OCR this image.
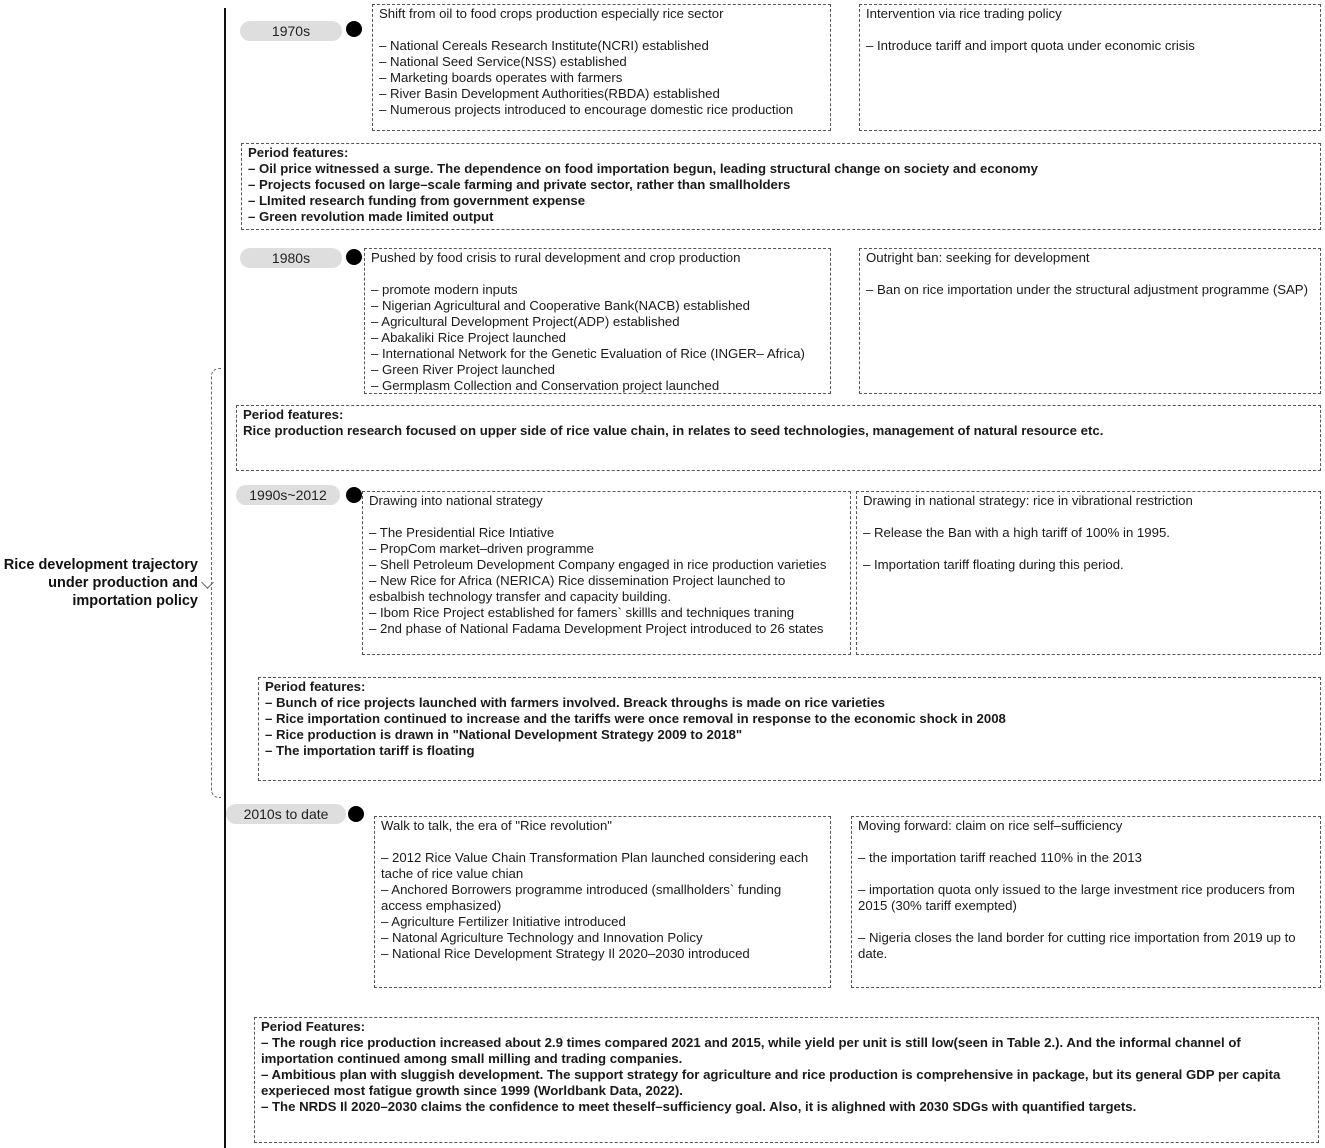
Rice development trajectory
under production and
importation policy
1970s
Shift from oil to food crops production especially rice sector

– National Cereals Research Institute(NCRI) established
– National Seed Service(NSS) established
– Marketing boards operates with farmers
– River Basin Development Authorities(RBDA) established
– Numerous projects introduced to encourage domestic rice production
Intervention via rice trading policy

– Introduce tariff and import quota under economic crisis
Period features:
– Oil price witnessed a surge. The dependence on food importation begun, leading structural change on society and economy
– Projects focused on large–scale farming and private sector, rather than smallholders
– LImited research funding from government expense
– Green revolution made limited output
1980s	Pushed by food crisis to rural development and crop production

– promote modern inputs
– Nigerian Agricultural and Cooperative Bank(NACB) established
– Agricultural Development Project(ADP) established
– Abakaliki Rice Project launched
– International Network for the Genetic Evaluation of Rice (INGER– Africa)
– Green River Project launched
– Germplasm Collection and Conservation project launched
Outright ban: seeking for development

– Ban on rice importation under the structural adjustment programme (SAP)
Period features:
Rice production research focused on upper side of rice value chain, in relates to seed technologies, management of natural resource etc.
1990s~2012	Drawing into national strategy

– The Presidential Rice Intiative
– PropCom market–driven programme
– Shell Petroleum Development Company engaged in rice production varieties
– New Rice for Africa (NERICA) Rice dissemination Project launched to esbalbish technology transfer and capacity building.
– Ibom Rice Project established for famers` skillls and techniques traning
– 2nd phase of National Fadama Development Project introduced to 26 states
Drawing in national strategy: rice in vibrational restriction

– Release the Ban with a high tariff of 100% in 1995.

– Importation tariff floating during this period.
Period features:
– Bunch of rice projects launched with farmers involved. Breack throughs is made on rice varieties
– Rice importation continued to increase and the tariffs were once removal in response to the economic shock in 2008
– Rice production is drawn in "National Development Strategy 2009 to 2018"
– The importation tariff is floating
2010s to date
Walk to talk, the era of "Rice revolution"

– 2012 Rice Value Chain Transformation Plan launched considering each tache of rice value chian
– Anchored Borrowers programme introduced (smallholders` funding access emphasized)
– Agriculture Fertilizer Initiative introduced
– Natonal Agriculture Technology and Innovation Policy
– National Rice Development Strategy Il 2020–2030 introduced
Moving forward: claim on rice self–sufficiency

– the importation tariff reached 110% in the 2013

– importation quota only issued to the large investment rice producers from 2015 (30% tariff exempted)

– Nigeria closes the land border for cutting rice importation from 2019 up to date.
Period Features:
– The rough rice production increased about 2.9 times compared 2021 and 2015, while yield per unit is still low(seen in Table 2.). And the informal channel of importation continued among small milling and trading companies.
– Ambitious plan with sluggish development. The support strategy for agriculture and rice production is comprehensive in package, but its general GDP per capita experieced most fatigue growth since 1999 (Worldbank Data, 2022).
– The NRDS Il 2020–2030 claims the confidence to meet theself–sufficiency goal. Also, it is alighned with 2030 SDGs with quantified targets.
